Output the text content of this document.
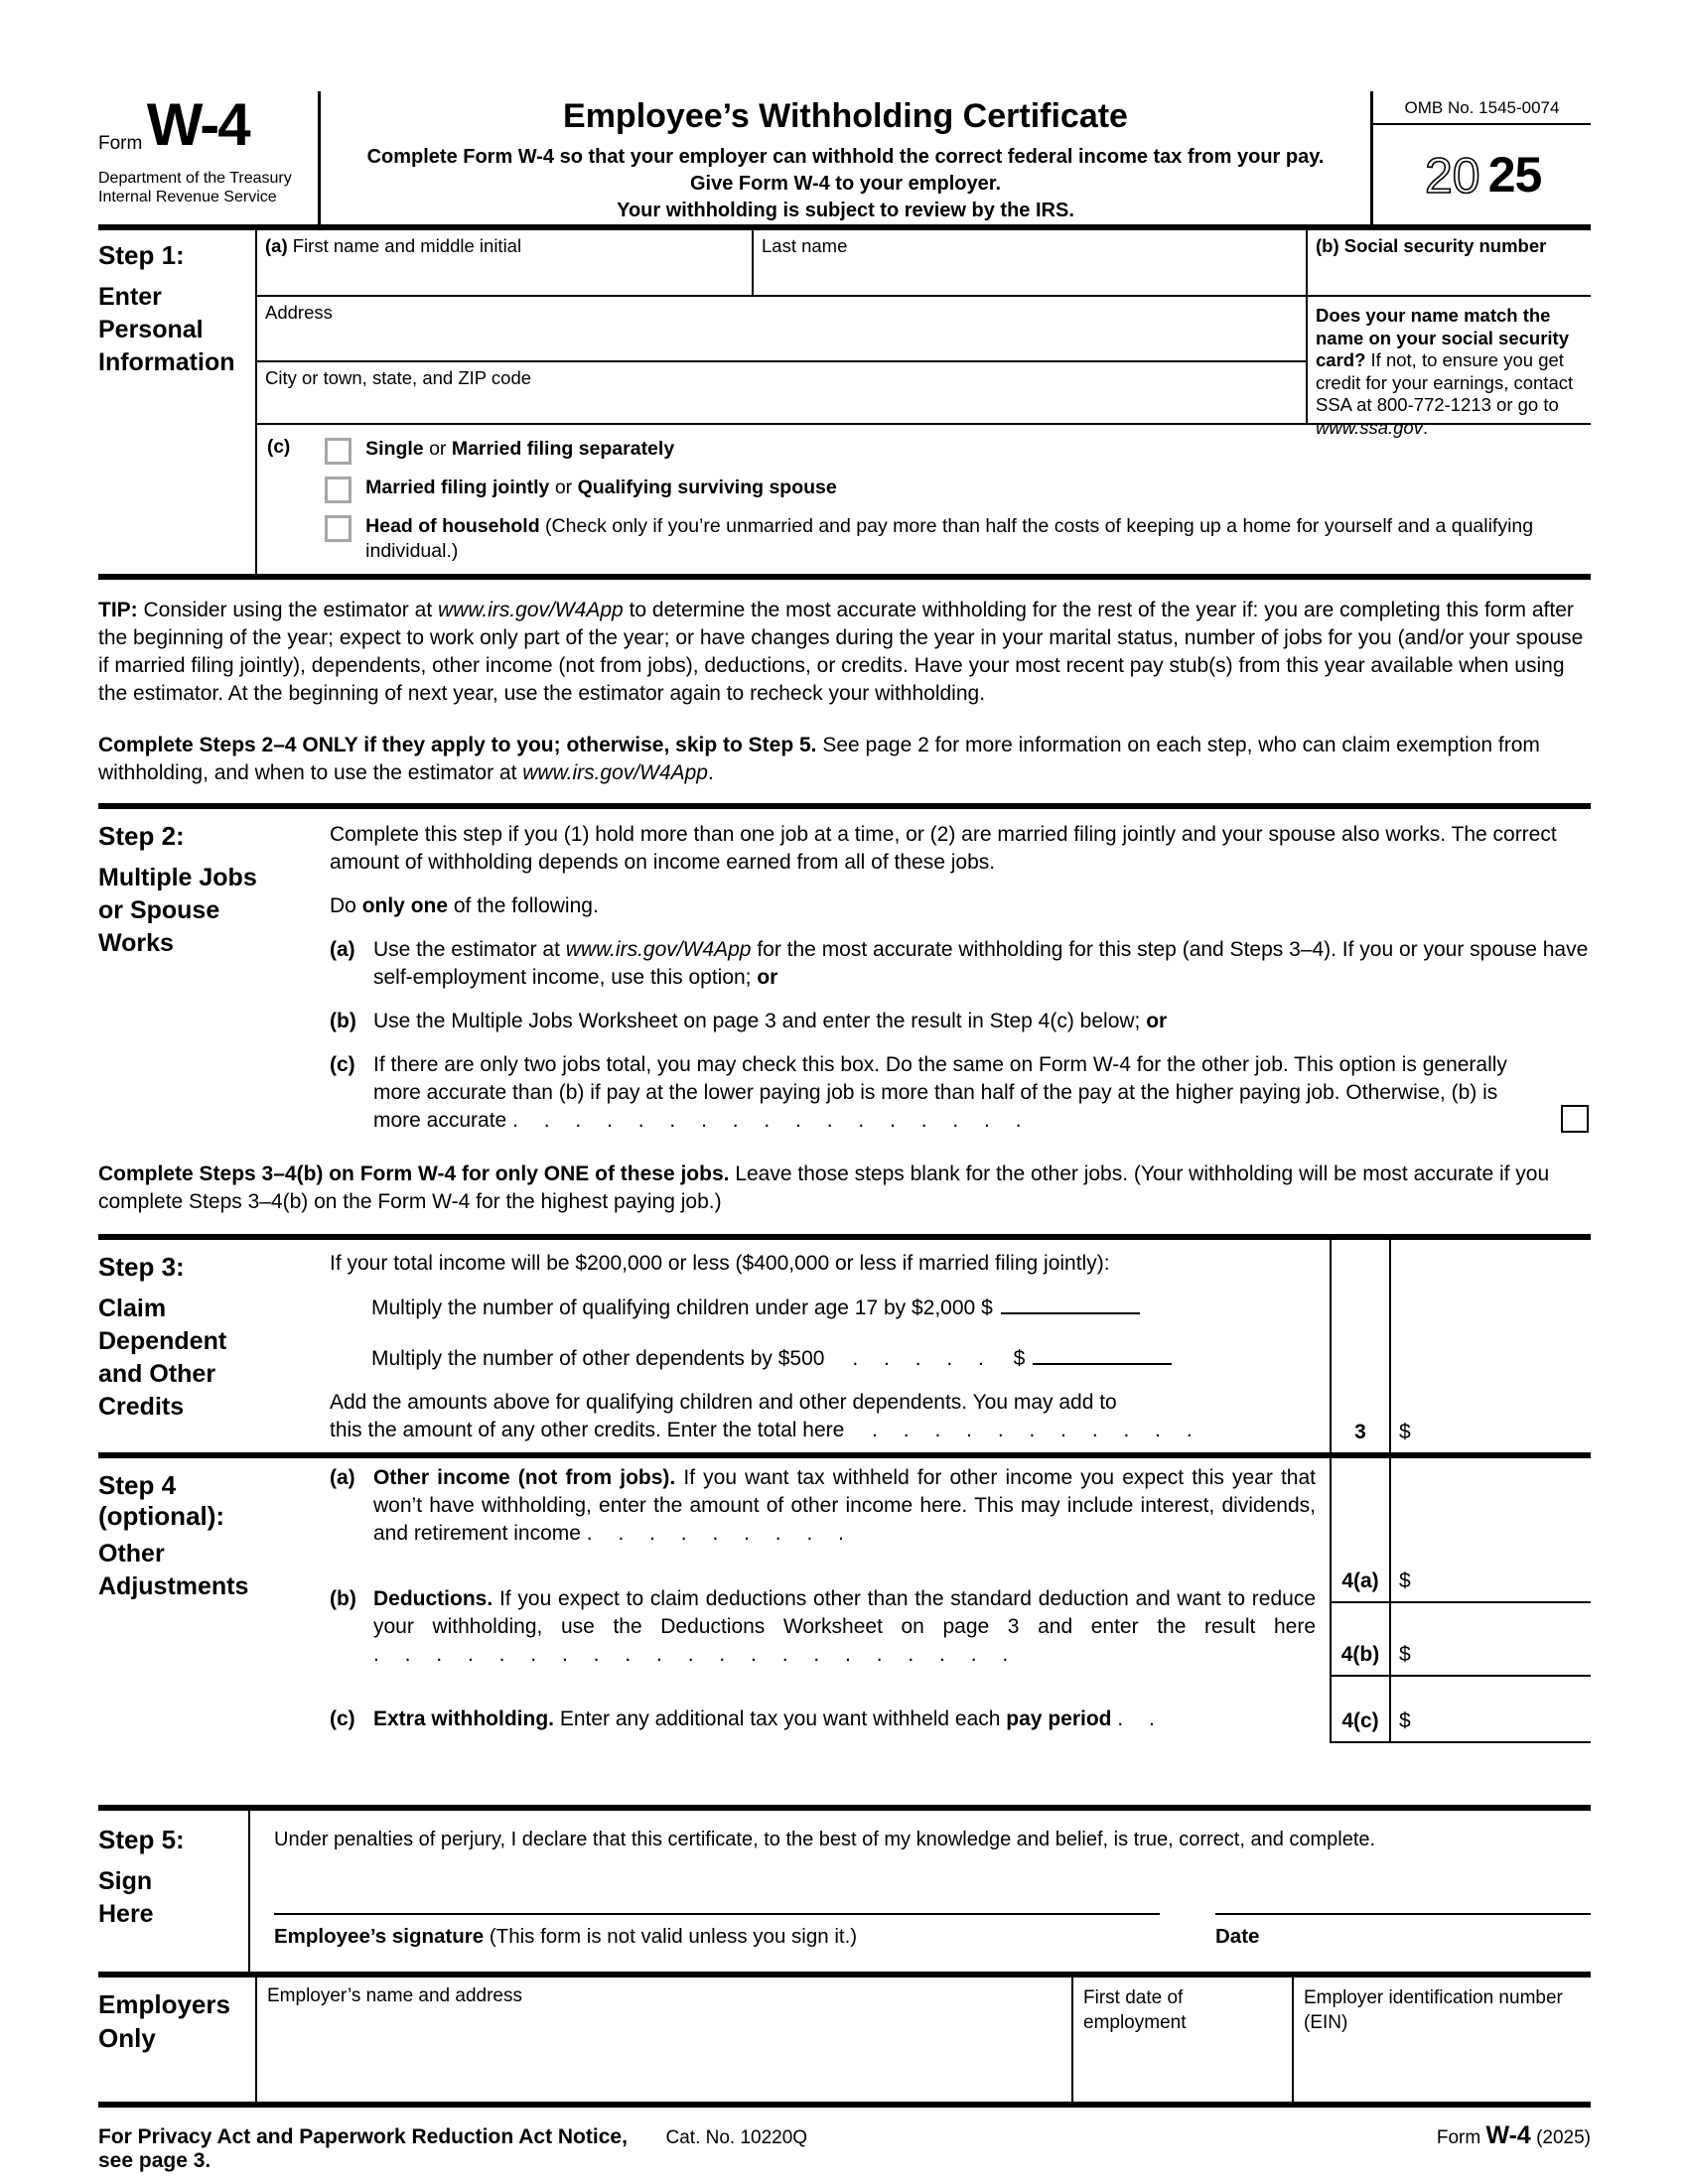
Form W-4
Department of the Treasury
Internal Revenue Service
Employee’s Withholding Certificate
Complete Form W-4 so that your employer can withhold the correct federal income tax from your pay.
Give Form W-4 to your employer.
Your withholding is subject to review by the IRS.
OMB No. 1545-0074
20 25
Step 1:
Enter Personal Information
(a) First name and middle initial	Last name	(b) Social security number
Address	Does your name match the name on your social security card? If not, to ensure you get credit for your earnings, contact SSA at 800-772-1213 or go to www.ssa.gov.
City or town, state, and ZIP code
(c)	Single or Married filing separately
Married filing jointly or Qualifying surviving spouse
Head of household (Check only if you’re unmarried and pay more than half the costs of keeping up a home for yourself and a qualifying individual.)

TIP: Consider using the estimator at www.irs.gov/W4App to determine the most accurate withholding for the rest of the year if: you are completing this form after the beginning of the year; expect to work only part of the year; or have changes during the year in your marital status, number of jobs for you (and/or your spouse if married filing jointly), dependents, other income (not from jobs), deductions, or credits. Have your most recent pay stub(s) from this year available when using the estimator. At the beginning of next year, use the estimator again to recheck your withholding.

Complete Steps 2–4 ONLY if they apply to you; otherwise, skip to Step 5. See page 2 for more information on each step, who can claim exemption from withholding, and when to use the estimator at www.irs.gov/W4App.

Step 2:
Multiple Jobs or Spouse Works

Complete this step if you (1) hold more than one job at a time, or (2) are married filing jointly and your spouse also works. The correct amount of withholding depends on income earned from all of these jobs.

Do only one of the following.

(a) Use the estimator at www.irs.gov/W4App for the most accurate withholding for this step (and Steps 3–4). If you or your spouse have self-employment income, use this option; or
(b) Use the Multiple Jobs Worksheet on page 3 and enter the result in Step 4(c) below; or
(c) If there are only two jobs total, you may check this box. Do the same on Form W-4 for the other job. This option is generally more accurate than (b) if pay at the lower paying job is more than half of the pay at the higher paying job. Otherwise, (b) is more accurate . . . . . . . . . . . . . . . . .

Complete Steps 3–4(b) on Form W-4 for only ONE of these jobs. Leave those steps blank for the other jobs. (Your withholding will be most accurate if you complete Steps 3–4(b) on the Form W-4 for the highest paying job.)

Step 3:
Claim Dependent and Other Credits
If your total income will be $200,000 or less ($400,000 or less if married filing jointly):
Multiply the number of qualifying children under age 17 by $2,000 $
Multiply the number of other dependents by $500 . . . . . $
Add the amounts above for qualifying children and other dependents. You may add to
this the amount of any other credits. Enter the total here . . . . . . . . . . .	3	$
Step 4 (optional):
Other Adjustments
(a) Other income (not from jobs). If you want tax withheld for other income you expect this year that won’t have withholding, enter the amount of other income here. This may include interest, dividends, and retirement income . . . . . . . . .
4(a) $
(b) Deductions. If you expect to claim deductions other than the standard deduction and want to reduce your withholding, use the Deductions Worksheet on page 3 and enter the result here . . . . . . . . . . . . . . . . . . . . .	4(b) $
(c) Extra withholding. Enter any additional tax you want withheld each pay period . .	4(c) $
Step 5:
Sign Here
Under penalties of perjury, I declare that this certificate, to the best of my knowledge and belief, is true, correct, and complete.
Employee’s signature (This form is not valid unless you sign it.)	Date
Employers Only
Employer’s name and address	First date of employment
Employer identification number (EIN)
For Privacy Act and Paperwork Reduction Act Notice, see page 3.
Cat. No. 10220Q	Form W-4 (2025)
